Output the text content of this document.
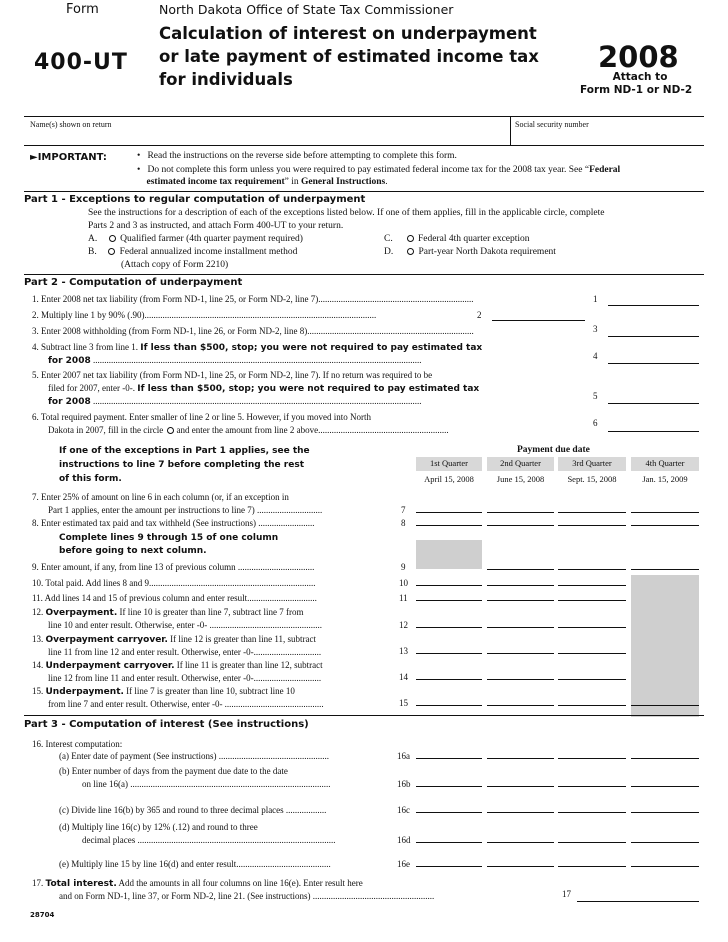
Form
400-UT
North Dakota Office of State Tax Commissioner
Calculation of interest on underpayment
or late payment of estimated income tax
for individuals
2008
Attach to
Form ND-1 or ND-2
Name(s) shown on return	Social security number
►IMPORTANT:	•   Read the instructions on the reverse side before attempting to complete this form.
•   Do not complete this form unless you were required to pay estimated federal income tax for the 2008 tax year. See “Federal
estimated income tax requirement” in General Instructions.
Part 1 - Exceptions to regular computation of underpayment
See the instructions for a description of each of the exceptions listed below. If one of them applies, fill in the applicable circle, complete
Parts 2 and 3 as instructed, and attach Form 400-UT to your return.
A. Qualified farmer (4th quarter payment required)
B. Federal annualized income installment method
(Attach copy of Form 2210)
C.	Federal 4th quarter exception
D.	Part-year North Dakota requirement
Part 2 - Computation of underpayment
1. Enter 2008 net tax liability (from Form ND-1, line 25, or Form ND-2, line 7).....................................................................	1
2. Multiply line 1 by 90% (.90).......................................................................................................	2
3. Enter 2008 withholding (from Form ND-1, line 26, or Form ND-2, line 8)..........................................................................	3
4. Subtract line 3 from line 1. If less than $500, stop; you were not required to pay estimated tax
for 2008 ..................................................................................................................................................	4
5. Enter 2007 net tax liability (from Form ND-1, line 25, or Form ND-2, line 7). If no return was required to be
filed for 2007, enter -0-. If less than $500, stop; you were not required to pay estimated tax
for 2008 ..................................................................................................................................................	5
6. Total required payment. Enter smaller of line 2 or line 5. However, if you moved into North
Dakota in 2007, fill in the circle and enter the amount from line 2 above..........................................................
6
If one of the exceptions in Part 1 applies, see the
instructions to line 7 before completing the rest
of this form.
Payment due date
1st Quarter	2nd Quarter	3rd Quarter	4th Quarter
April 15, 2008	June 15, 2008	Sept. 15, 2008	Jan. 15, 2009
7. Enter 25% of amount on line 6 in each column (or, if an exception in
Part 1 applies, enter the amount per instructions to line 7) .............................	7
8. Enter estimated tax paid and tax withheld (See instructions) .........................	8
Complete lines 9 through 15 of one column
before going to next column.
9. Enter amount, if any, from line 13 of previous column ..................................	9
10. Total paid. Add lines 8 and 9..........................................................................	10
11. Add lines 14 and 15 of previous column and enter result...............................	11
12. Overpayment. If line 10 is greater than line 7, subtract line 7 from
line 10 and enter result. Otherwise, enter -0- ..................................................	12
13. Overpayment carryover. If line 12 is greater than line 11, subtract
line 11 from line 12 and enter result. Otherwise, enter -0-..............................	13
14. Underpayment carryover. If line 11 is greater than line 12, subtract
line 12 from line 11 and enter result. Otherwise, enter -0-..............................	14
15. Underpayment. If line 7 is greater than line 10, subtract line 10
from line 7 and enter result. Otherwise, enter -0- ............................................	15
Part 3 - Computation of interest (See instructions)
16. Interest computation:
(a) Enter date of payment (See instructions) .................................................	16a
(b) Enter number of days from the payment due date to the date
on line 16(a) .........................................................................................	16b
(c) Divide line 16(b) by 365 and round to three decimal places ..................	16c
(d) Multiply line 16(c) by 12% (.12) and round to three
decimal places ........................................................................................	16d
(e) Multiply line 15 by line 16(d) and enter result..........................................	16e
17. Total interest. Add the amounts in all four columns on line 16(e). Enter result here
and on Form ND-1, line 37, or Form ND-2, line 21. (See instructions) ......................................................	17
28704
